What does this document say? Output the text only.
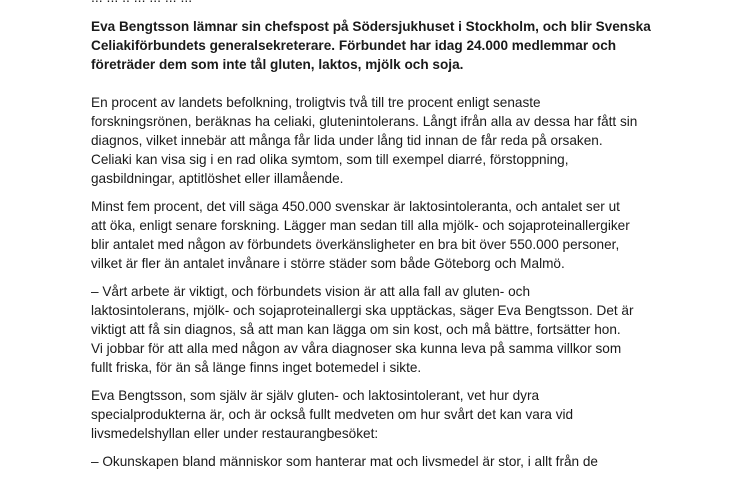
Eva Bengtsson lämnar sin chefspost på Södersjukhuset i Stockholm, och blir Svenska
Celiakiförbundets generalsekreterare. Förbundet har idag 24.000 medlemmar och
företräder dem som inte tål gluten, laktos, mjölk och soja.

En procent av landets befolkning, troligtvis två till tre procent enligt senaste
forskningsrönen, beräknas ha celiaki, glutenintolerans. Långt ifrån alla av dessa har fått sin
diagnos, vilket innebär att många får lida under lång tid innan de får reda på orsaken.
Celiaki kan visa sig i en rad olika symtom, som till exempel diarré, förstoppning,
gasbildningar, aptitlöshet eller illamående.

Minst fem procent, det vill säga 450.000 svenskar är laktosintoleranta, och antalet ser ut
att öka, enligt senare forskning. Lägger man sedan till alla mjölk- och sojaproteinallergiker
blir antalet med någon av förbundets överkänsligheter en bra bit över 550.000 personer,
vilket är fler än antalet invånare i större städer som både Göteborg och Malmö.

– Vårt arbete är viktigt, och förbundets vision är att alla fall av gluten- och
laktosintolerans, mjölk- och sojaproteinallergi ska upptäckas, säger Eva Bengtsson. Det är
viktigt att få sin diagnos, så att man kan lägga om sin kost, och må bättre, fortsätter hon.
Vi jobbar för att alla med någon av våra diagnoser ska kunna leva på samma villkor som
fullt friska, för än så länge finns inget botemedel i sikte.

Eva Bengtsson, som själv är själv gluten- och laktosintolerant, vet hur dyra
specialprodukterna är, och är också fullt medveten om hur svårt det kan vara vid
livsmedelshyllan eller under restaurangbesöket:

– Okunskapen bland människor som hanterar mat och livsmedel är stor, i allt från de
